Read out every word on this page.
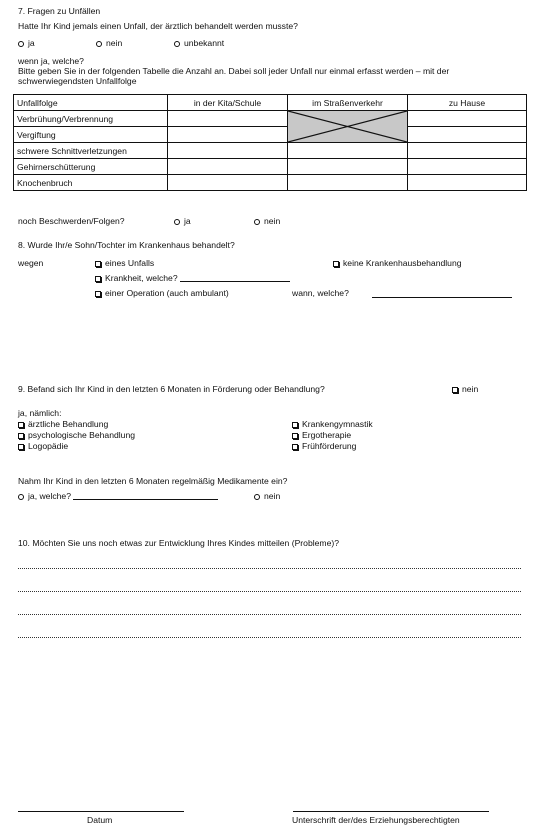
7. Fragen zu Unfällen
Hatte Ihr Kind jemals einen Unfall, der ärztlich behandelt werden musste?
ja	nein	unbekannt
wenn ja, welche?
Bitte geben Sie in der folgenden Tabelle die Anzahl an. Dabei soll jeder Unfall nur einmal erfasst werden – mit der
schwerwiegendsten Unfallfolge
Unfallfolge	in der Kita/Schule	im Straßenverkehr	zu Hause
Verbrühung/Verbrennung		

Vergiftung			
schwere Schnittverletzungen			
Gehirnerschütterung			
Knochenbruch			
noch Beschwerden/Folgen?	ja	nein
8. Wurde Ihr/e Sohn/Tochter im Krankenhaus behandelt?
wegen	eines Unfalls	keine Krankenhausbehandlung
Krankheit, welche?
einer Operation (auch ambulant)	wann, welche?
9. Befand sich Ihr Kind in den letzten 6 Monaten in Förderung oder Behandlung?	nein
ja, nämlich:
ärztliche Behandlung
psychologische Behandlung
Logopädie
Krankengymnastik
Ergotherapie
Frühförderung
Nahm Ihr Kind in den letzten 6 Monaten regelmäßig Medikamente ein?
ja, welche?	nein
10. Möchten Sie uns noch etwas zur Entwicklung Ihres Kindes mitteilen (Probleme)?
Datum	Unterschrift der/des Erziehungsberechtigten
